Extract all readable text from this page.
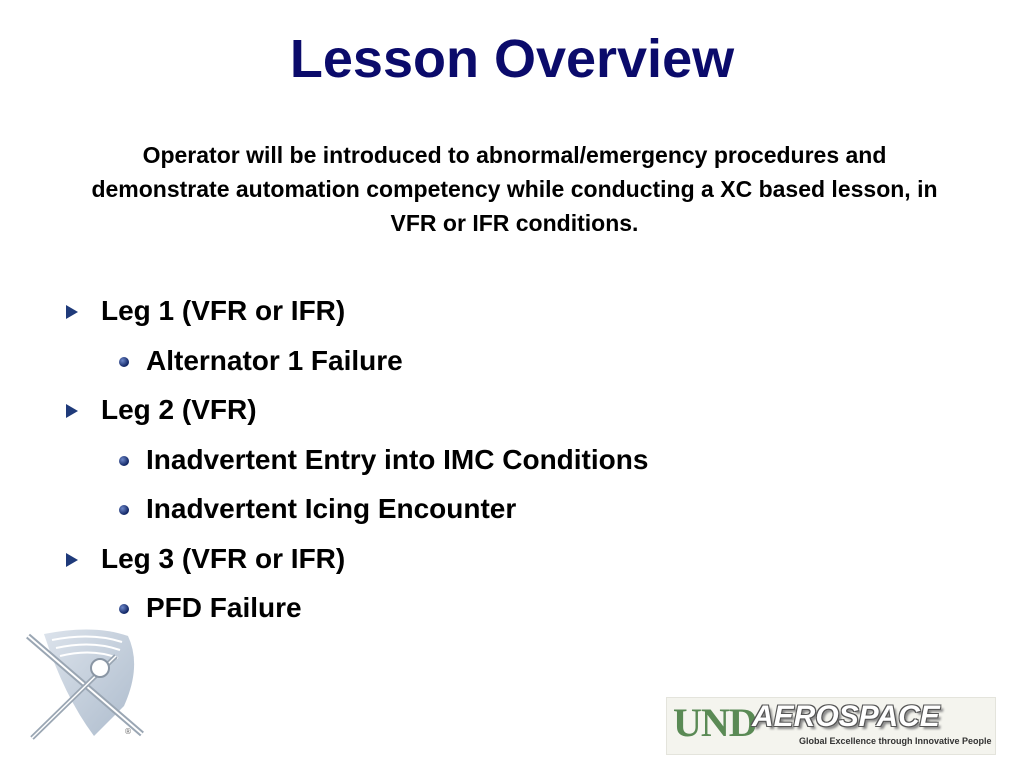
Lesson Overview
Operator will be introduced to abnormal/emergency procedures and demonstrate automation competency while conducting a XC based lesson, in VFR or IFR conditions.
Leg 1 (VFR or IFR)
Alternator 1 Failure
Leg 2 (VFR)
Inadvertent Entry into IMC Conditions
Inadvertent Icing Encounter
Leg 3 (VFR or IFR)
PFD Failure
®	UND
AEROSPACE
Global Excellence through Innovative People
